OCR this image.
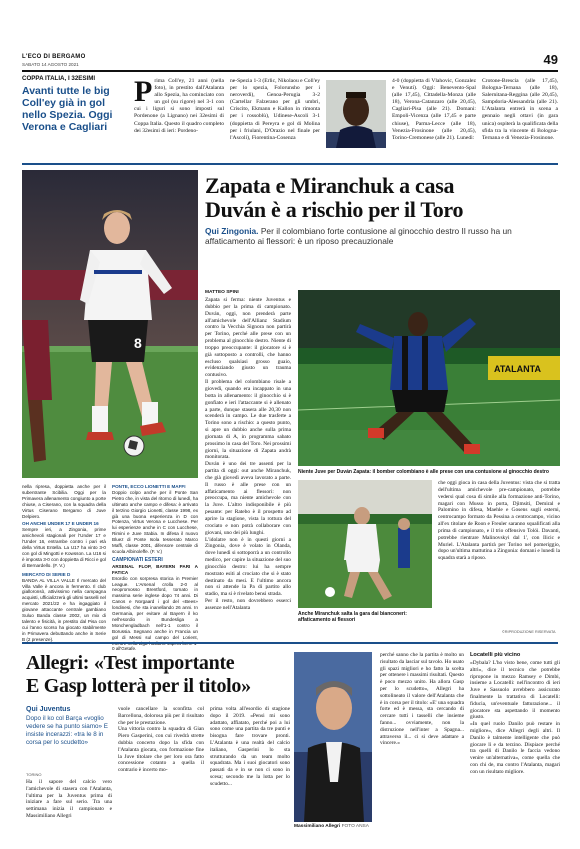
L'ECO DI BERGAMO
SABATO 14 AGOSTO 2021	49
COPPA ITALIA, I 32ESIMI
Avanti tutte le big Coll'ey già in gol nello Spezia. Oggi Verona e Cagliari
Prima Coll'ey, 21 anni (nella foto), in prestito dall'Atalanta allo Spezia, ha cominciato con un gol (su rigore) nel 3-1 con cui i liguri si sono imposti sul Pordenone (a Lignano) nei 32esimi di Coppa Italia. Questo il quadro completo dei 32esimi di ieri: Pordeno-
ne-Spezia 1-3 (Erlic, Nikolaou e Coll'ey per lo spezia, Folorunsho per i neroverdi), Genoa-Perugia 3-2 (Cartellar Falzerano per gli umbri, Criscito, Ekmann e Kallon in rimonta per i rossoblù), Udinese-Ascoli 3-1 (doppietta di Pereyra e gol di Molina per i friulani, D'Orazio nel finale per l'Ascoli), Fiorentina-Cosenza
4-0 (doppietta di Vlahovic, Gonzalez e Venuti). Oggi: Benevento-Spal (alle 17,45), Cittadella-Monza (alle 18), Verona-Catanzaro (alle 20,45), Cagliari-Pisa (alle 21). Domani: Empoli-Vicenza (alle 17,45 e parte chiuse), Parma-Lecce (alle 18), Venezia-Frosinone (alle 20,45), Torino-Cremonese (alle 21). Lunedì:
Crotone-Brescia (alle 17,45), Bologna-Ternana (alle 18), Salernitana-Reggina (alle 20,45), Sampdoria-Alessandria (alle 21). L'Atalanta entrerà in scena a gennaio negli ottavi (in gara unica) ospiterà la qualificata della sfida tra la vincente di Bologna-Ternana e di Venezia-Frosinone.
8
nella ripresa, doppietta anche per il subentrante Scibilia. Oggi per la Primavera allenamento congiunto a porte chiuse, a Ciserano, con la squadra della Virtus Ciserano Bergamo di Juve Delpiero.
OH ANCHE UNDER 17 E UNDER 16
Sempre ieri, a Zingonia, prime amichevoli stagionali per l'Under 17 e l'Under 16, entrambe contro i pari età della Virtus Entella. La U17 ha vinto 3-0 con gol di Mingotti e Kowsson. La U16 si è imposta 3-0 con doppietta di Ricci e gol di Bernardello. (F. V.)
MERCATO DI SERIE D
BANDA AL VILLA VALLE Il mercato del Villa Valle è ancora in fermento. Il club gialloronsò, attivissimo nella campagna acquisti, ufficializzerà gli ultimi tasselli nel mercato 2021/22 e ha ingaggiato il giovane attaccante centrale gambiano Suluo Banda classe 2002, un mix di talento e fisicità, in prestito dal Pisa con cui l'anno scorso ha giocato stabilmente in Primavera debuttando anche in Serie B (2 presenze).
PONTE, ECCO LIONETTI E MAFFI
Doppio colpo anche per il Ponte San Pietro che, in vista del ritorno di lunedì, ha ultimato anche campo e difesa: è arrivato il terzino Giorgio Lionetti, classe 1998, ex già una buona esperienza in D con Potenza, Virtus Verona e Lucchese. Per lui esperienze anche in C con Lucchese, Rimini e Juve Stabia. In difesa il nuovo Bluez di Ponte Isola tesserato Marco Maffi, classe 2001, difensore centrale di scuola Albinoleffe. (F. V.)
CAMPIONATI ESTERI
ARSENAL FLOP, BAYERN PARI A FATICA
Esordio con sorpresa storica in Premier League. L'Arsenal crolla 2-0 al neopromosso Brentford, tornato in massima serie inglese dopo 74 anni. Di Canos e Norgaard i gol del «Bees» londinesi, che sta inanellando 26 anni. In Germania, per evitare al Bayern il ko nell'esordio in Bundesliga a Monchengladbach nell'1-1 contro il Borussia. Segnano anche in Francia un gol di Messi sul campo del Lorient, 0 all'Getafe.
Zapata e Miranchuk a casa
Duván è a rischio per il Toro
Qui Zingonia. Per il colombiano forte contusione al ginocchio destro Il russo ha un affaticamento ai flessori: è un riposo precauzionale
MATTEO SPINI
Zapata si ferma: niente Juventus e dubbio per la prima di campionato. Duván, oggi, non prenderà parte all'amichevole dell'Allianz Stadium contro la Vecchia Signora non partirà per Torino, perché alle prese con un problema al ginocchio destro. Niente di troppo preoccupante: il giocatore si è già sottoposto a controlli, che hanno escluso qualsiasi grosso guaio, evidenziando giusto un trauma contusivo.
Il problema del colombiano risale a giovedì, quando era incappato in una botta in allenamento: il ginocchio si è gonfiato e ieri l'attaccante si è allenato a parte, dunque stasera alle 20,30 non scenderà in campo. Le due trasferte a Torino sono a rischio: a questo punto, si apre un dubbio anche sulla prima giornata di A, in programma sabato prossimo in casa del Toro. Nei prossimi giorni, la situazione di Zapata andrà monitorata.
Duván è uno dei tre assenti per la partita di oggi: out anche Miranchuk, che già giovedì aveva lavorato a parte. Il russo è alle prese con un affaticamento ai flessori: non preoccupa, ma niente amichevole con la Juve. L'altro indisponibile è più pesante: per Ratebo è il prospetto ad aprire la stagione, vista la rottura del crociato e non potrà collaborare con giovani, uno dei più lunghi.
L'idolatre non è in questi giorni a Zingonia, dove è volato in Olanda, dove lunedì si sottoporrà a un controllo medico, per capire la situazione del suo ginocchio destro: lui ha sempre mostrato esiti al crociato che si è stato destinato da mesi. E l'ultimo ancora non si attende la Pa di partito allo stadio, ma si è rivelato bensi strada.
Per il resto, non dovrebbero esserci assenze nell'Atalanta
ATALANTA
Niente Juve per Duván Zapata: il bomber colombiano è alle prese con una contusione al ginocchio destro
Anche Miranchuk salta la gara dai bianconeri: affaticamento ai flessori
che oggi gioca in casa della Juventus: vista che si tratta dell'ultima amichevole pre-campionato, potrebbe vedersi qual cosa di simile alla formazione anti-Torino, magari con Musso in porta, Djimsiti, Demiral e Palomino in difesa, Maehle e Gosens sugli esterni, centrocampo formato da Pessina a centrocampo, vicino all'ex titolare de Roon e Freuler saranno squalificati alla prima di campionato, e il trio offensivo Tolói. Davanti, potrebbe rientrare Malinovskyi dal 1', con Ilicic e Muriel. L'Atalanta partirà per Torino nel pomeriggio, dopo un'ultima mattutina a Zingonia: domani e lunedì la squadra starà a riposo.
©RIPRODUZIONE RISERVATA
Allegri: «Test importante
E Gasp lotterà per il titolo»
Qui Juventus
Dopo il ko col Barça «voglio vedere se ha punto siamo» E insiste incerazzi: «tra le 8 in corsa per lo scudetto»
TORINO
Ha il sapore del calcio vero l'amichevole di stasera con l'Atalanta, l'ultima per la Juventus prima di iniziare a fare sul serio. Tra una settimana inizia il campionato e Massimiliano Allegri
vuole cancellare la sconfitta col Barcellona, dolorosa più per il risultato che per le prestazione.
Una vittoria contro la squadra di Gian Piero Gasperini, con cui rivedrà strette dubbia concerto dopo la sfida con l'Atalanta giocata, con formazione fine la Juve titolare che per loro ora fatto concessione cotanto a quella il contrario è incerto mo-
prima volta all'esordio di stagione dopo il 2019. «Pensi mi sono adattato, affiatato, perché poi a lui sono come una partita da tre punti e bisogna fare trovare pronti. L'Atalanta è una realtà del calcio italiano, Gasperini lo sta strutturando da un team molto squadrata. Ma i suoi giocatori sono passati da e in se non ci sono in scesa; secondo me la lotta per lo scudetto...
Massimiliano Allegri FOTO ANSA
perché sanno che la partita è molto un risultato da lasciar sul tavolo. Ho usato gli spazi migliori e ho fatto la scelta per ottenere i massimi risultati. Questo è poco mezzo unito. Ha allora Gasp per lo scudetto», Allegri ha sottolineato il valore dell'Atalanta che è in corsa per il titolo: «E' una squadra forte ed è messa, sta cercando di cercare tutti i tasselli che insieme fanno... ovviamente, non la distruzione nell'inter a Spagna... attraverso il... ci si deve adattare a vincere.»
Locatelli più vicino
«Dybala? L'ho visto bene, come tutti gli altri», dice il tecnico che potrebbe ripropone in mezzo Ramsey e Dimbi, insieme a Locatelli: nell'incontro di ieri Juve e Sassuolo avrebbero assicurato finalmente la trattativa di Locatelli: fiducia, un'eventuale fatturazione... il giocatore sta aspettando il momento giusto.
«In quel ruolo Danilo può restare in migliore», dice Allegri degli altri. Il Danilo è talmente intelligente che può giocare lì e da terzino. Dispiace perché tra quelli di Danilo le faccia vedono venire un'alternativa», come quella che con chi de, ma contro l'Atalanta, magari con un risultato migliore.
